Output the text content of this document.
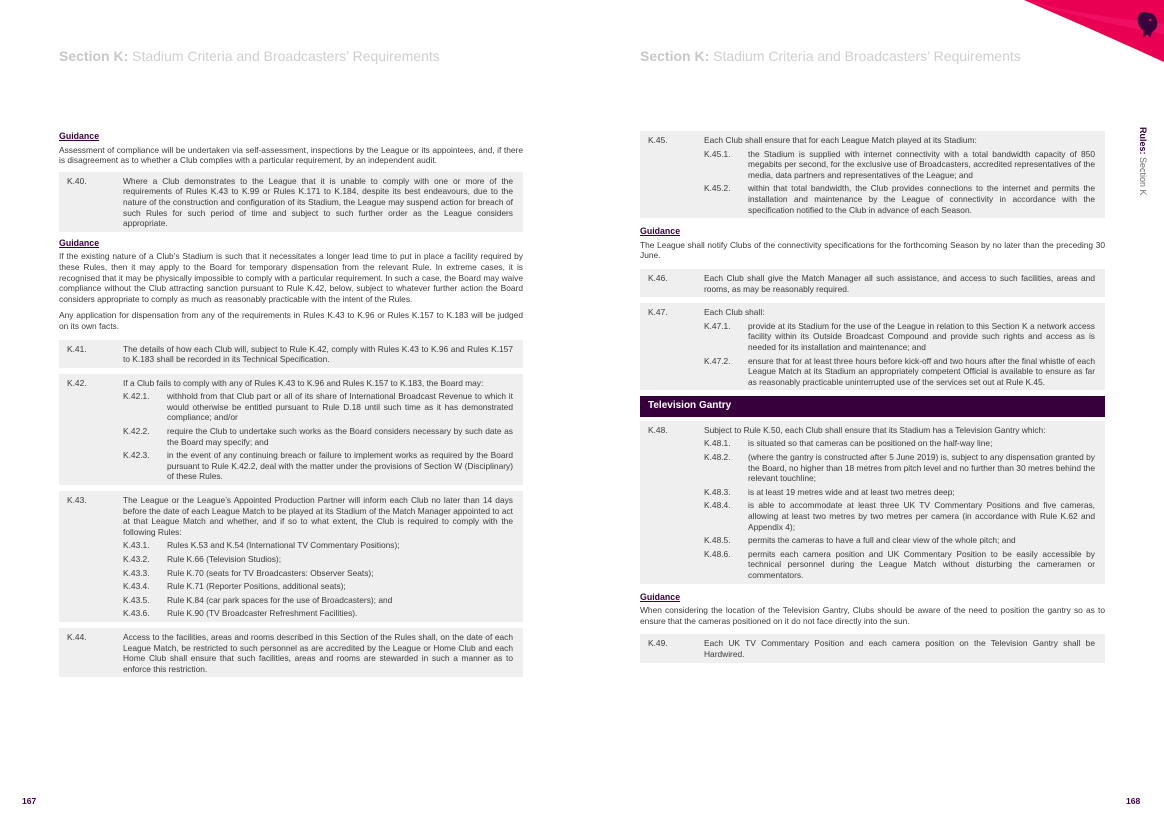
Section K: Stadium Criteria and Broadcasters’ Requirements
Guidance
Assessment of compliance will be undertaken via self-assessment, inspections by the League or its appointees, and, if there is disagreement as to whether a Club complies with a particular requirement, by an independent audit.
K.40.	Where a Club demonstrates to the League that it is unable to comply with one or more of the requirements of Rules K.43 to K.99 or Rules K.171 to K.184, despite its best endeavours, due to the nature of the construction and configuration of its Stadium, the League may suspend action for breach of such Rules for such period of time and subject to such further order as the League considers appropriate.
Guidance
If the existing nature of a Club’s Stadium is such that it necessitates a longer lead time to put in place a facility required by these Rules, then it may apply to the Board for temporary dispensation from the relevant Rule. In extreme cases, it is recognised that it may be physically impossible to comply with a particular requirement. In such a case, the Board may waive compliance without the Club attracting sanction pursuant to Rule K.42, below, subject to whatever further action the Board considers appropriate to comply as much as reasonably practicable with the intent of the Rules.
Any application for dispensation from any of the requirements in Rules K.43 to K.96 or Rules K.157 to K.183 will be judged on its own facts.
K.41.	The details of how each Club will, subject to Rule K.42, comply with Rules K.43 to K.96 and Rules K.157 to K.183 shall be recorded in its Technical Specification.
K.42.	If a Club fails to comply with any of Rules K.43 to K.96 and Rules K.157 to K.183, the Board may:
K.42.1.	withhold from that Club part or all of its share of International Broadcast Revenue to which it would otherwise be entitled pursuant to Rule D.18 until such time as it has demonstrated compliance; and/or
K.42.2.	require the Club to undertake such works as the Board considers necessary by such date as the Board may specify; and
K.42.3.	in the event of any continuing breach or failure to implement works as required by the Board pursuant to Rule K.42.2, deal with the matter under the provisions of Section W (Disciplinary) of these Rules.
K.43.	The League or the League’s Appointed Production Partner will inform each Club no later than 14 days before the date of each League Match to be played at its Stadium of the Match Manager appointed to act at that League Match and whether, and if so to what extent, the Club is required to comply with the following Rules:
K.43.1.	Rules K.53 and K.54 (International TV Commentary Positions);
K.43.2.	Rule K.66 (Television Studios);
K.43.3.	Rule K.70 (seats for TV Broadcasters: Observer Seats);
K.43.4.	Rule K.71 (Reporter Positions, additional seats);
K.43.5.	Rule K.84 (car park spaces for the use of Broadcasters); and
K.43.6.	Rule K.90 (TV Broadcaster Refreshment Facilities).
K.44.	Access to the facilities, areas and rooms described in this Section of the Rules shall, on the date of each League Match, be restricted to such personnel as are accredited by the League or Home Club and each Home Club shall ensure that such facilities, areas and rooms are stewarded in such a manner as to enforce this restriction.
167
Section K: Stadium Criteria and Broadcasters’ Requirements
K.45.	Each Club shall ensure that for each League Match played at its Stadium:
K.45.1.	the Stadium is supplied with internet connectivity with a total bandwidth capacity of 850 megabits per second, for the exclusive use of Broadcasters, accredited representatives of the media, data partners and representatives of the League; and
K.45.2.	within that total bandwidth, the Club provides connections to the internet and permits the installation and maintenance by the League of connectivity in accordance with the specification notified to the Club in advance of each Season.
Guidance
The League shall notify Clubs of the connectivity specifications for the forthcoming Season by no later than the preceding 30 June.
K.46.	Each Club shall give the Match Manager all such assistance, and access to such facilities, areas and rooms, as may be reasonably required.
K.47.	Each Club shall:
K.47.1.	provide at its Stadium for the use of the League in relation to this Section K a network access facility within its Outside Broadcast Compound and provide such rights and access as is needed for its installation and maintenance; and
K.47.2.	ensure that for at least three hours before kick-off and two hours after the final whistle of each League Match at its Stadium an appropriately competent Official is available to ensure as far as reasonably practicable uninterrupted use of the services set out at Rule K.45.
Television Gantry
K.48.	Subject to Rule K.50, each Club shall ensure that its Stadium has a Television Gantry which:
K.48.1.	is situated so that cameras can be positioned on the half-way line;
K.48.2.	(where the gantry is constructed after 5 June 2019) is, subject to any dispensation granted by the Board, no higher than 18 metres from pitch level and no further than 30 metres behind the relevant touchline;
K.48.3.	is at least 19 metres wide and at least two metres deep;
K.48.4.	is able to accommodate at least three UK TV Commentary Positions and five cameras, allowing at least two metres by two metres per camera (in accordance with Rule K.62 and Appendix 4);
K.48.5.	permits the cameras to have a full and clear view of the whole pitch; and
K.48.6.	permits each camera position and UK Commentary Position to be easily accessible by technical personnel during the League Match without disturbing the cameramen or commentators.
Guidance
When considering the location of the Television Gantry, Clubs should be aware of the need to position the gantry so as to ensure that the cameras positioned on it do not face directly into the sun.
K.49.	Each UK TV Commentary Position and each camera position on the Television Gantry shall be Hardwired.
Rules: Section K
168
